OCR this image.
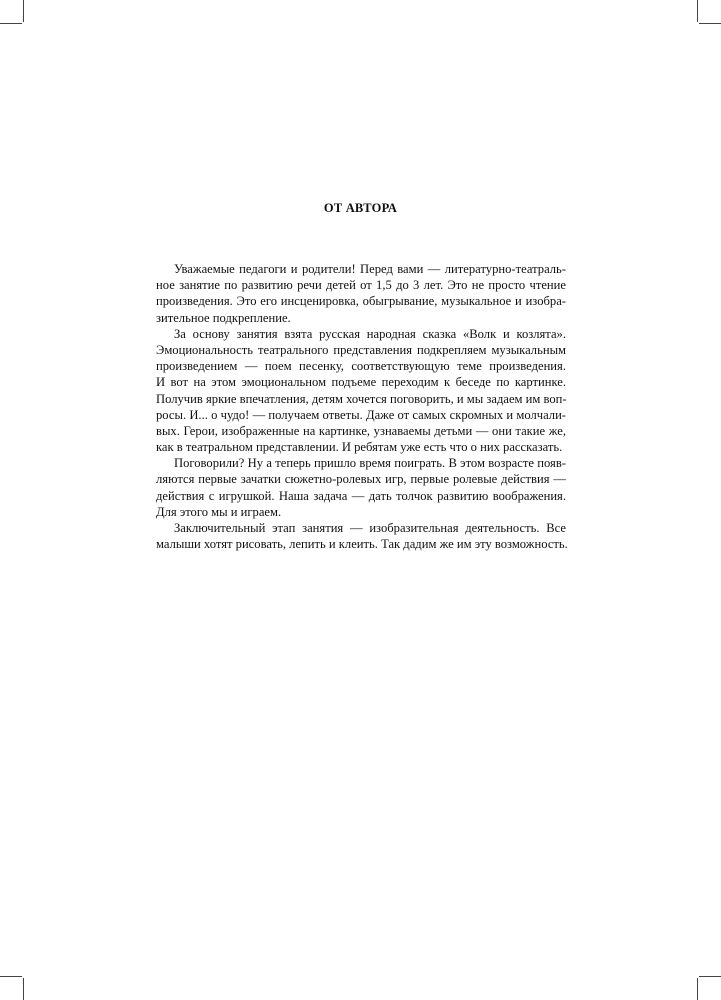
ОТ АВТОРА
Уважаемые педагоги и родители! Перед вами — литературно-театраль-
ное занятие по развитию речи детей от 1,5 до 3 лет. Это не просто чтение
произведения. Это его инсценировка, обыгрывание, музыкальное и изобра-
зительное подкрепление.
За основу занятия взята русская народная сказка «Волк и козлята».
Эмоциональность театрального представления подкрепляем музыкальным
произведением — поем песенку, соответствующую теме произведения.
И вот на этом эмоциональном подъеме переходим к беседе по картинке.
Получив яркие впечатления, детям хочется поговорить, и мы задаем им воп-
росы. И... о чудо! — получаем ответы. Даже от самых скромных и молчали-
вых. Герои, изображенные на картинке, узнаваемы детьми — они такие же,
как в театральном представлении. И ребятам уже есть что о них рассказать.
Поговорили? Ну а теперь пришло время поиграть. В этом возрасте появ-
ляются первые зачатки сюжетно-ролевых игр, первые ролевые действия —
действия с игрушкой. Наша задача — дать толчок развитию воображения.
Для этого мы и играем.
Заключительный этап занятия — изобразительная деятельность. Все
малыши хотят рисовать, лепить и клеить. Так дадим же им эту возможность.
